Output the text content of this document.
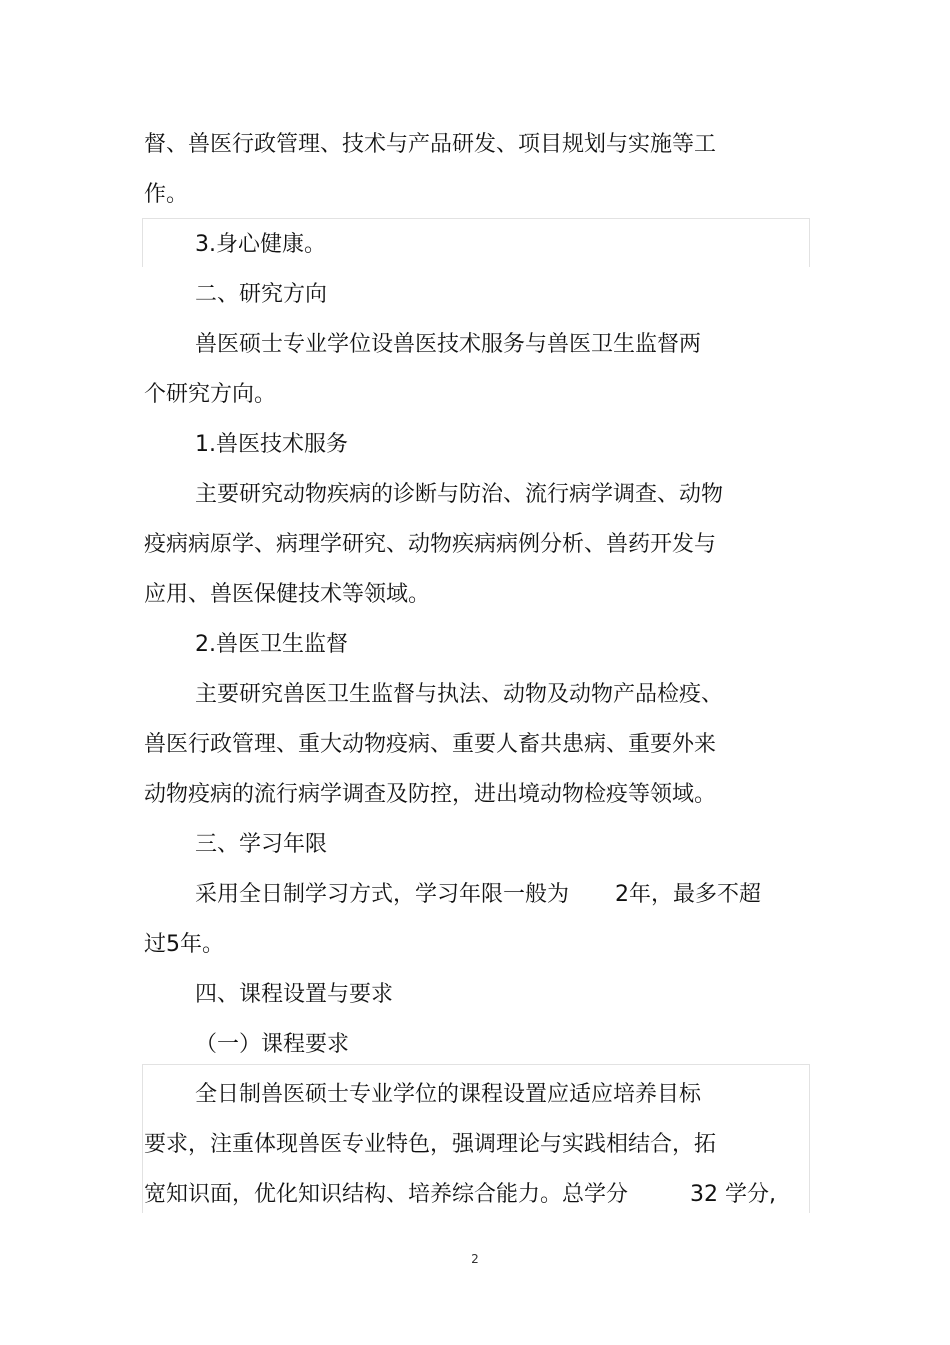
督、兽医行政管理、技术与产品研发、项目规划与实施等工
作。
3.身心健康。
二、研究方向
兽医硕士专业学位设兽医技术服务与兽医卫生监督两
个研究方向。
1.兽医技术服务
主要研究动物疾病的诊断与防治、流行病学调查、动物
疫病病原学、病理学研究、动物疾病病例分析、兽药开发与
应用、兽医保健技术等领域。
2.兽医卫生监督
主要研究兽医卫生监督与执法、动物及动物产品检疫、
兽医行政管理、重大动物疫病、重要人畜共患病、重要外来
动物疫病的流行病学调查及防控，进出境动物检疫等领域。
三、学习年限
采用全日制学习方式，学习年限一般为 2年，最多不超
过5年。
四、课程设置与要求
（一）课程要求
全日制兽医硕士专业学位的课程设置应适应培养目标
要求，注重体现兽医专业特色，强调理论与实践相结合，拓
宽知识面，优化知识结构、培养综合能力。总学分	32 学分,
2
